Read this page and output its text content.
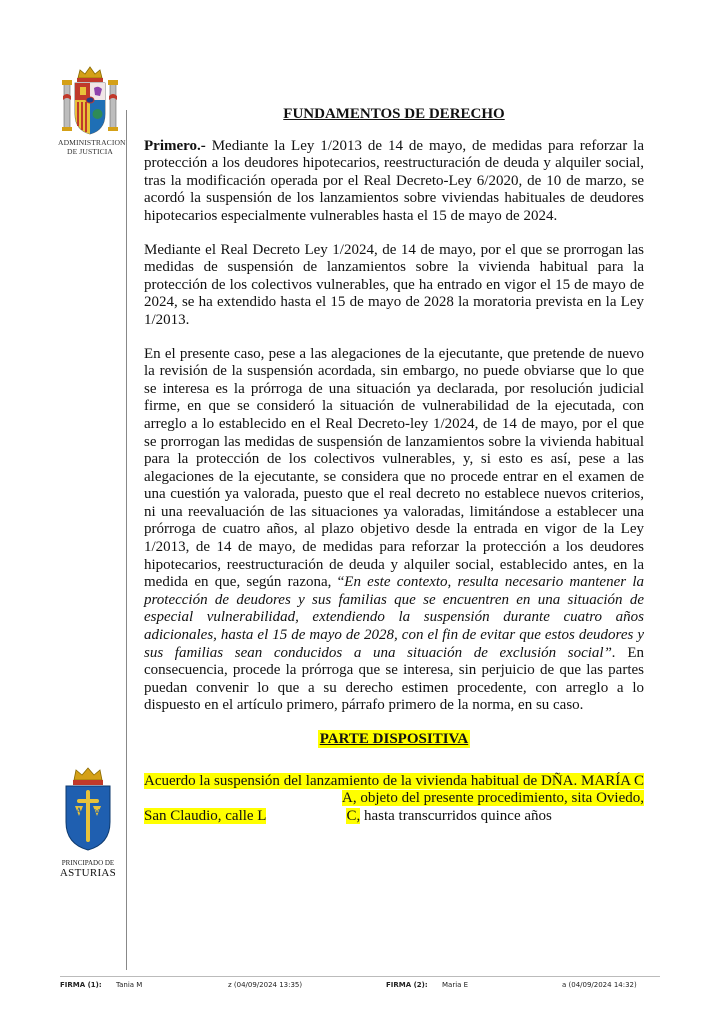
ADMINISTRACION
DE JUSTICIA
A ω
PRINCIPADO DE
ASTURIAS
FUNDAMENTOS DE DERECHO

Primero.- Mediante la Ley 1/2013 de 14 de mayo, de medidas para reforzar la protección a los deudores hipotecarios, reestructuración de deuda y alquiler social, tras la modificación operada por el Real Decreto-Ley 6/2020, de 10 de marzo, se acordó la suspensión de los lanzamientos sobre viviendas habituales de deudores hipotecarios especialmente vulnerables hasta el 15 de mayo de 2024.

Mediante el Real Decreto Ley 1/2024, de 14 de mayo, por el que se prorrogan las medidas de suspensión de lanzamientos sobre la vivienda habitual para la protección de los colectivos vulnerables, que ha entrado en vigor el 15 de mayo de 2024, se ha extendido hasta el 15 de mayo de 2028 la moratoria prevista en la Ley 1/2013.

En el presente caso, pese a las alegaciones de la ejecutante, que pretende de nuevo la revisión de la suspensión acordada, sin embargo, no puede obviarse que lo que se interesa es la prórroga de una situación ya declarada, por resolución judicial firme, en que se consideró la situación de vulnerabilidad de la ejecutada, con arreglo a lo establecido en el Real Decreto-ley 1/2024, de 14 de mayo, por el que se prorrogan las medidas de suspensión de lanzamientos sobre la vivienda habitual para la protección de los colectivos vulnerables, y, si esto es así, pese a las alegaciones de la ejecutante, se considera que no procede entrar en el examen de una cuestión ya valorada, puesto que el real decreto no establece nuevos criterios, ni una reevaluación de las situaciones ya valoradas, limitándose a establecer una prórroga de cuatro años, al plazo objetivo desde la entrada en vigor de la Ley 1/2013, de 14 de mayo, de medidas para reforzar la protección a los deudores hipotecarios, reestructuración de deuda y alquiler social, establecido antes, en la medida en que, según razona, “En este contexto, resulta necesario mantener la protección de deudores y sus familias que se encuentren en una situación de especial vulnerabilidad, extendiendo la suspensión durante cuatro años adicionales, hasta el 15 de mayo de 2028, con el fin de evitar que estos deudores y sus familias sean conducidos a una situación de exclusión social”. En consecuencia, procede la prórroga que se interesa, sin perjuicio de que las partes puedan convenir lo que a su derecho estimen procedente, con arreglo a lo dispuesto en el artículo primero, párrafo primero de la norma, en su caso.

PARTE DISPOSITIVA

Acuerdo la suspensión del lanzamiento de la vivienda habitual de DÑA. MARÍA CA, objeto del presente procedimiento, sita Oviedo, San Claudio, calle L	C, hasta transcurridos quince años

FIRMA (1): Tania M	z (04/09/2024 13:35)	FIRMA (2): Maria E	a (04/09/2024 14:32)
